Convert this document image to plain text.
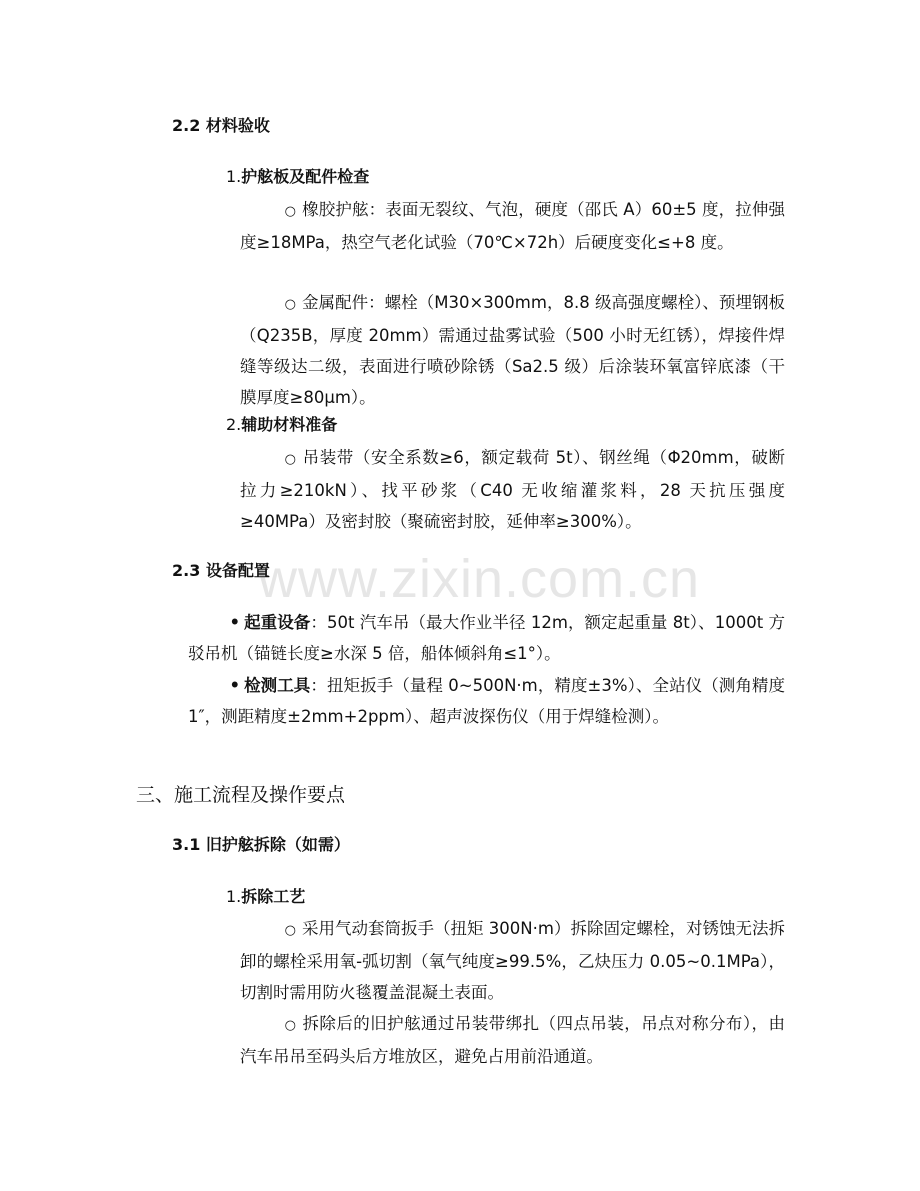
www.zixin.com.cn
2.2 材料验收
1.护舷板及配件检查
○ 橡胶护舷：表面无裂纹、气泡，硬度（邵氏 A）60±5 度，拉伸强度≥18MPa，热空气老化试验（70℃×72h）后硬度变化≤+8 度。
○ 金属配件：螺栓（M30×300mm，8.8 级高强度螺栓）、预埋钢板（Q235B，厚度 20mm）需通过盐雾试验（500 小时无红锈），焊接件焊缝等级达二级，表面进行喷砂除锈（Sa2.5 级）后涂装环氧富锌底漆（干膜厚度≥80μm）。
2.辅助材料准备
○ 吊装带（安全系数≥6，额定载荷 5t）、钢丝绳（Φ20mm，破断拉力≥210kN）、找平砂浆（C40 无收缩灌浆料，28 天抗压强度≥40MPa）及密封胶（聚硫密封胶，延伸率≥300%）。
2.3 设备配置
• 起重设备：50t 汽车吊（最大作业半径 12m，额定起重量 8t）、1000t 方驳吊机（锚链长度≥水深 5 倍，船体倾斜角≤1°）。
• 检测工具：扭矩扳手（量程 0~500N·m，精度±3%）、全站仪（测角精度 1″，测距精度±2mm+2ppm）、超声波探伤仪（用于焊缝检测）。
三、施工流程及操作要点
3.1 旧护舷拆除（如需）
1.拆除工艺
○ 采用气动套筒扳手（扭矩 300N·m）拆除固定螺栓，对锈蚀无法拆卸的螺栓采用氧-弧切割（氧气纯度≥99.5%，乙炔压力 0.05~0.1MPa），切割时需用防火毯覆盖混凝土表面。
○ 拆除后的旧护舷通过吊装带绑扎（四点吊装，吊点对称分布），由汽车吊吊至码头后方堆放区，避免占用前沿通道。
